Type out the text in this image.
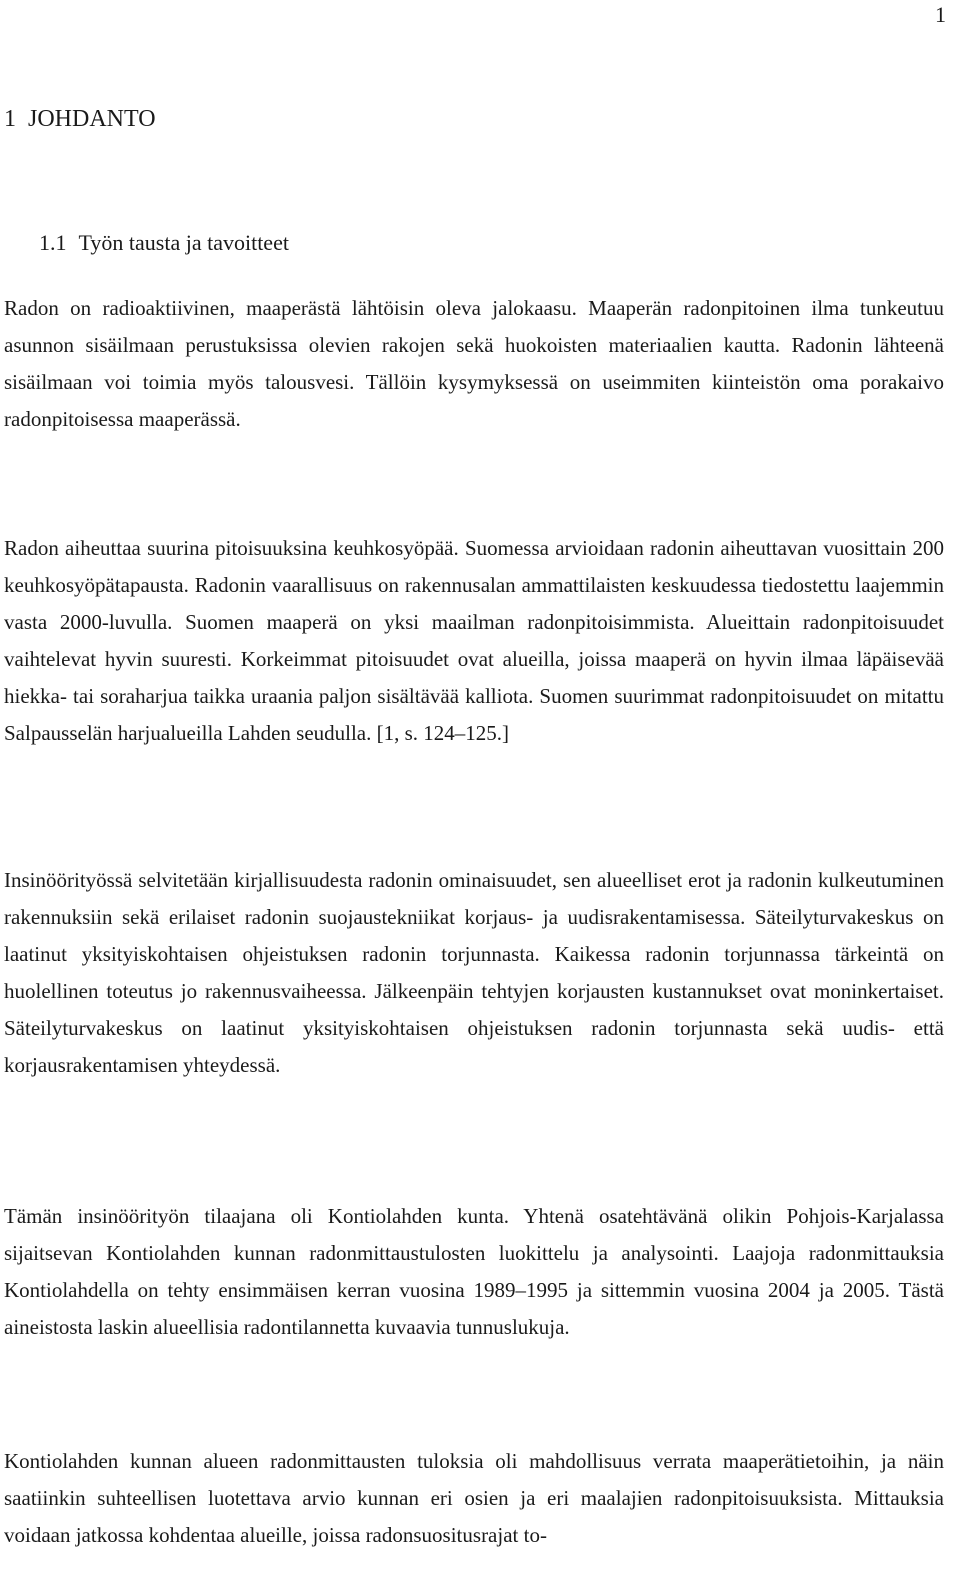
1
1 JOHDANTO
1.1 Työn tausta ja tavoitteet

Radon on radioaktiivinen, maaperästä lähtöisin oleva jalokaasu. Maaperän radonpitoinen ilma tunkeutuu asunnon sisäilmaan perustuksissa olevien rakojen sekä huokoisten materiaalien kautta. Radonin lähteenä sisäilmaan voi toimia myös talousvesi. Tällöin kysymyksessä on useimmiten kiinteistön oma porakaivo radonpitoisessa maaperässä.

Radon aiheuttaa suurina pitoisuuksina keuhkosyöpää. Suomessa arvioidaan radonin aiheuttavan vuosittain 200 keuhkosyöpätapausta. Radonin vaarallisuus on rakennusalan ammattilaisten keskuudessa tiedostettu laajemmin vasta 2000-luvulla. Suomen maaperä on yksi maailman radonpitoisimmista. Alueittain radonpitoisuudet vaihtelevat hyvin suuresti. Korkeimmat pitoisuudet ovat alueilla, joissa maaperä on hyvin ilmaa läpäisevää hiekka- tai soraharjua taikka uraania paljon sisältävää kalliota. Suomen suurimmat radonpitoisuudet on mitattu Salpausselän harjualueilla Lahden seudulla. [1, s. 124–125.]

Insinöörityössä selvitetään kirjallisuudesta radonin ominaisuudet, sen alueelliset erot ja radonin kulkeutuminen rakennuksiin sekä erilaiset radonin suojaustekniikat korjaus- ja uudisrakentamisessa. Säteilyturvakeskus on laatinut yksityiskohtaisen ohjeistuksen radonin torjunnasta. Kaikessa radonin torjunnassa tärkeintä on huolellinen toteutus jo rakennusvaiheessa. Jälkeenpäin tehtyjen korjausten kustannukset ovat moninkertaiset. Säteilyturvakeskus on laatinut yksityiskohtaisen ohjeistuksen radonin torjunnasta sekä uudis- että korjausrakentamisen yhteydessä.

Tämän insinöörityön tilaajana oli Kontiolahden kunta. Yhtenä osatehtävänä olikin Pohjois-Karjalassa sijaitsevan Kontiolahden kunnan radonmittaustulosten luokittelu ja analysointi. Laajoja radonmittauksia Kontiolahdella on tehty ensimmäisen kerran vuosina 1989–1995 ja sittemmin vuosina 2004 ja 2005. Tästä aineistosta laskin alueellisia radontilannetta kuvaavia tunnuslukuja.

Kontiolahden kunnan alueen radonmittausten tuloksia oli mahdollisuus verrata maaperätietoihin, ja näin saatiinkin suhteellisen luotettava arvio kunnan eri osien ja eri maalajien radonpitoisuuksista. Mittauksia voidaan jatkossa kohdentaa alueille, joissa radonsuositusrajat to-
